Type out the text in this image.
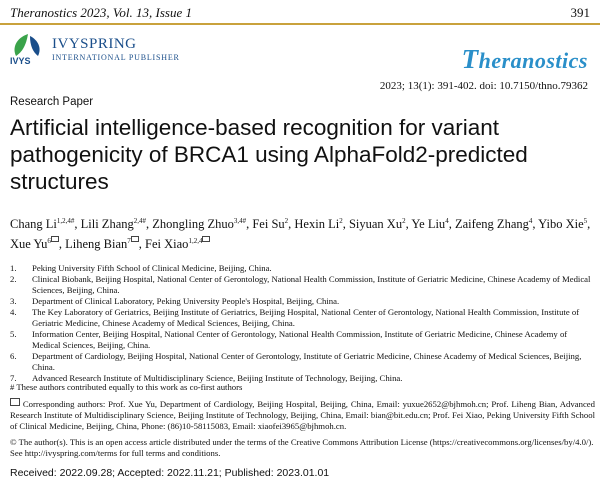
Theranostics 2023, Vol. 13, Issue 1	391
IVYS
IVYSPRING
INTERNATIONAL PUBLISHER	Theranostics
2023; 13(1): 391-402. doi: 10.7150/thno.79362
Research Paper
Artificial intelligence-based recognition for variant pathogenicity of BRCA1 using AlphaFold2-predicted structures
Chang $Li^{1,2,4\#}$, Lili Zhang$^{2,4\#}$, Zhongling Zhuo$^{3,4\#}$, Fei Su$^2$, Hexin Li$^2$, Siyuan Xu$^2$, Ye Liu$^4$, Zaifeng Zhang$^4$, Yibo Xie$^5$, Xue Yu$^6$ , Liheng Bian$^7$ , Fei Xiao$^{1,2,4}$
1. Peking University Fifth School of Clinical Medicine, Beijing, China.
2. Clinical Biobank, Beijing Hospital, National Center of Gerontology, National Health Commission, Institute of Geriatric Medicine, Chinese Academy of Medical Sciences, Beijing, China.
3. Department of Clinical Laboratory, Peking University People's Hospital, Beijing, China.
4. The Key Laboratory of Geriatrics, Beijing Institute of Geriatrics, Beijing Hospital, National Center of Gerontology, National Health Commission, Institute of Geriatric Medicine, Chinese Academy of Medical Sciences, Beijing, China.
5. Information Center, Beijing Hospital, National Center of Gerontology, National Health Commission, Institute of Geriatric Medicine, Chinese Academy of Medical Sciences, Beijing, China.
6. Department of Cardiology, Beijing Hospital, National Center of Gerontology, Institute of Geriatric Medicine, Chinese Academy of Medical Sciences, Beijing, China.
7. Advanced Research Institute of Multidisciplinary Science, Beijing Institute of Technology, Beijing, China.
# These authors contributed equally to this work as co-first authors
Corresponding authors: Prof. Xue Yu, Department of Cardiology, Beijing Hospital, Beijing, China, Email: yuxue2652@bjhmoh.cn; Prof. Liheng Bian, Advanced Research Institute of Multidisciplinary Science, Beijing Institute of Technology, Beijing, China, Email: bian@bit.edu.cn; Prof. Fei Xiao, Peking University Fifth School of Clinical Medicine, Beijing, China, Phone: (86)10-58115083, Email: xiaofei3965@bjhmoh.cn.
© The author(s). This is an open access article distributed under the terms of the Creative Commons Attribution License (https://creativecommons.org/licenses/by/4.0/). See http://ivyspring.com/terms for full terms and conditions.
Received: 2022.09.28; Accepted: 2022.11.21; Published: 2023.01.01
